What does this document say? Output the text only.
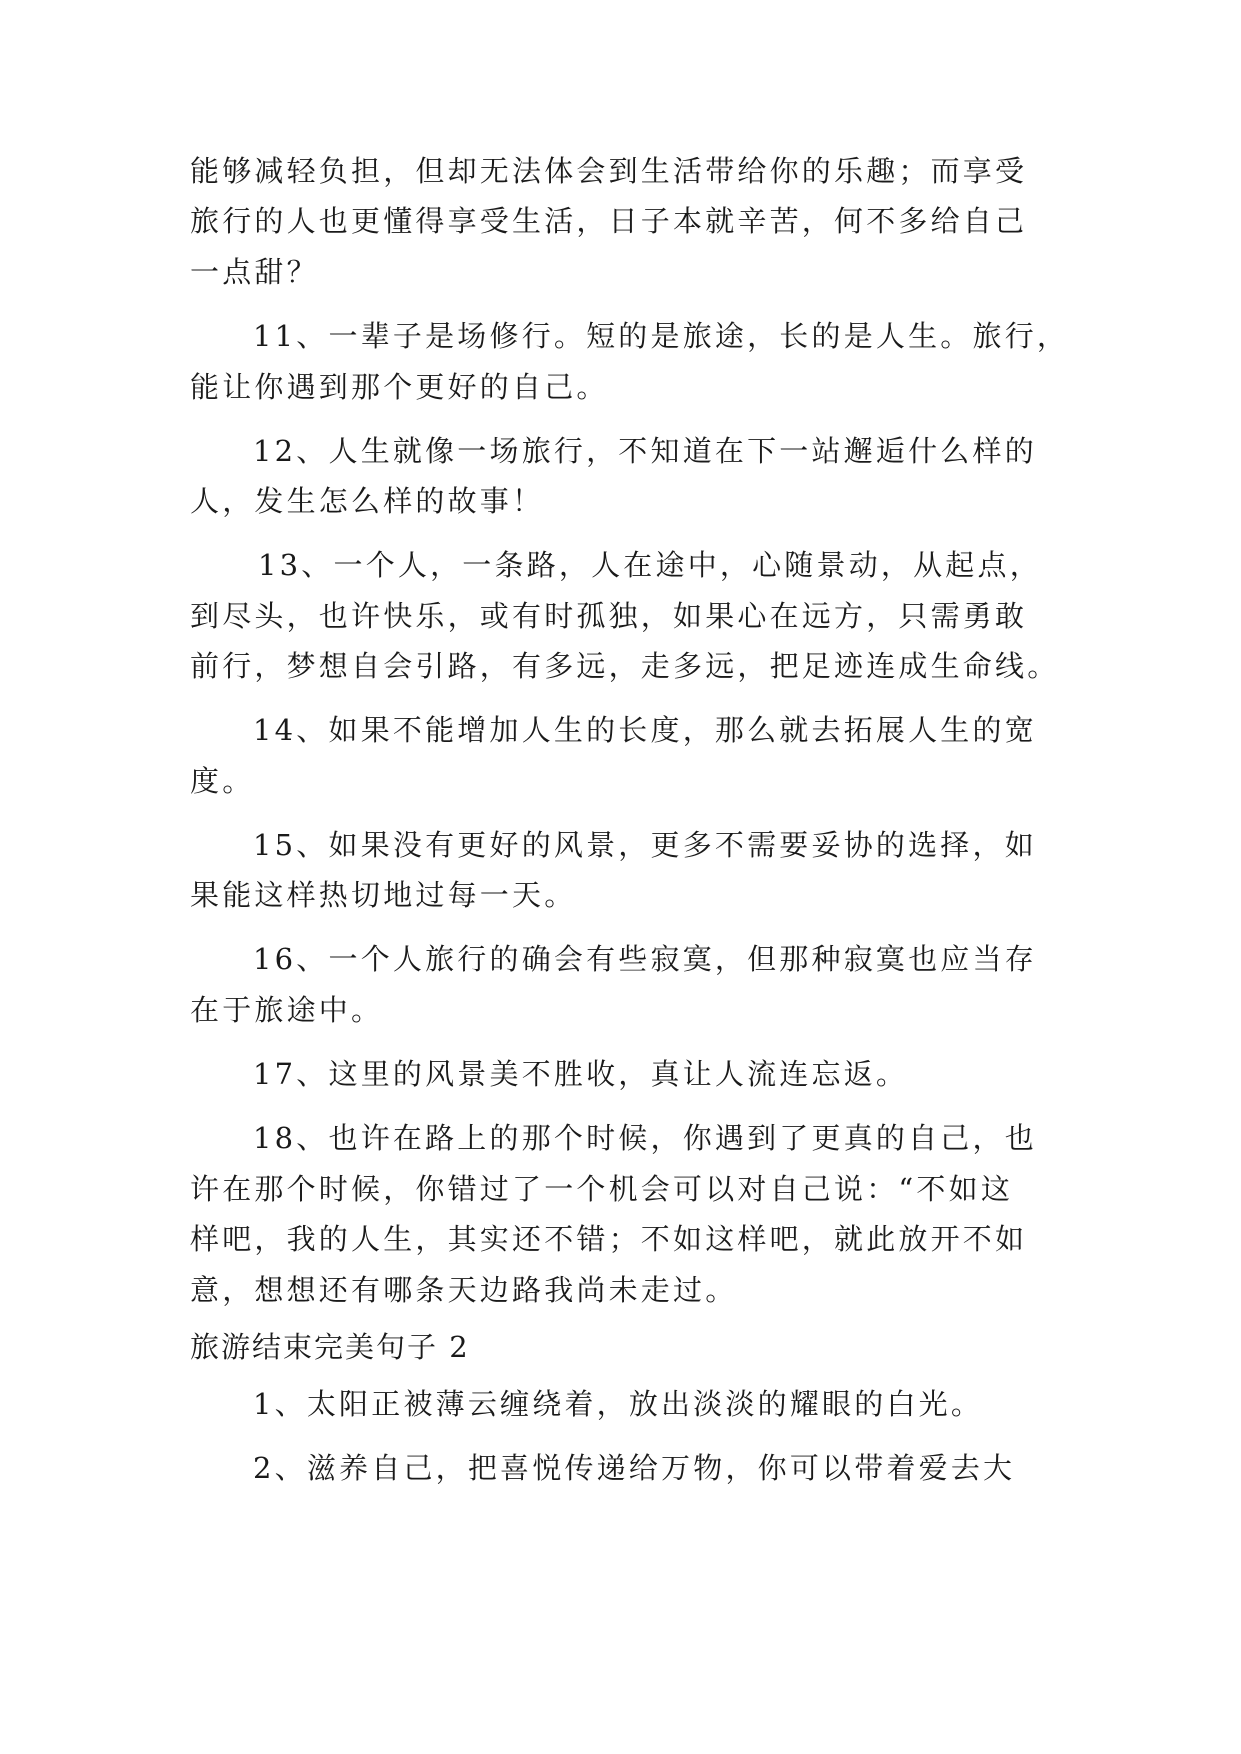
能够减轻负担，但却无法体会到生活带给你的乐趣；而享受
旅行的人也更懂得享受生活，日子本就辛苦，何不多给自己
一点甜？
11、一辈子是场修行。短的是旅途，长的是人生。旅行，
能让你遇到那个更好的自己。
12、人生就像一场旅行，不知道在下一站邂逅什么样的
人，发生怎么样的故事！
13、一个人，一条路，人在途中，心随景动，从起点，
到尽头，也许快乐，或有时孤独，如果心在远方，只需勇敢
前行，梦想自会引路，有多远，走多远，把足迹连成生命线。
14、如果不能增加人生的长度，那么就去拓展人生的宽
度。
15、如果没有更好的风景，更多不需要妥协的选择，如
果能这样热切地过每一天。
16、一个人旅行的确会有些寂寞，但那种寂寞也应当存
在于旅途中。
17、这里的风景美不胜收，真让人流连忘返。
18、也许在路上的那个时候，你遇到了更真的自己，也
许在那个时候，你错过了一个机会可以对自己说：“不如这
样吧，我的人生，其实还不错；不如这样吧，就此放开不如
意，想想还有哪条天边路我尚未走过。
旅游结束完美句子 2
1、太阳正被薄云缠绕着，放出淡淡的耀眼的白光。
2、滋养自己，把喜悦传递给万物，你可以带着爱去大
